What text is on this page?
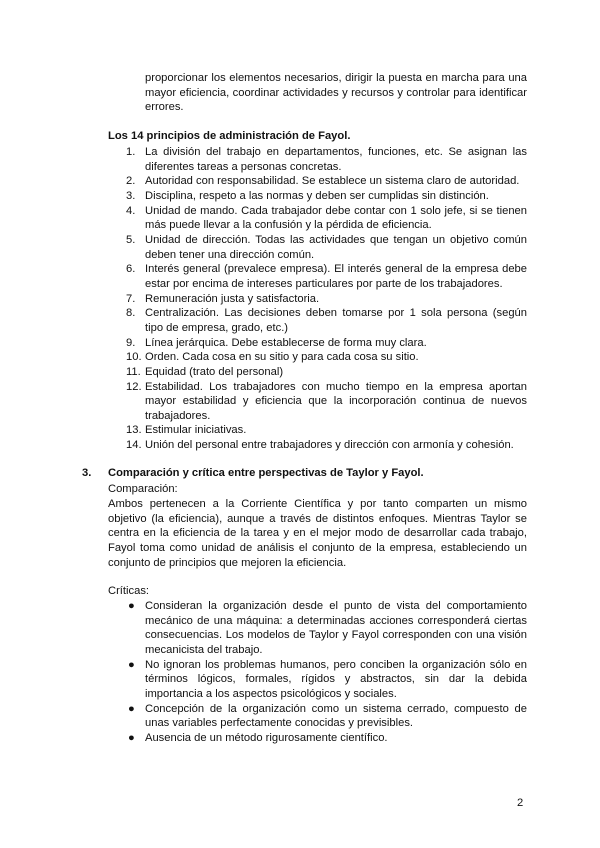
proporcionar los elementos necesarios, dirigir la puesta en marcha para una mayor eficiencia, coordinar actividades y recursos y controlar para identificar errores.

Los 14 principios de administración de Fayol.

1. La división del trabajo en departamentos, funciones, etc. Se asignan las diferentes tareas a personas concretas.
2. Autoridad con responsabilidad. Se establece un sistema claro de autoridad.
3. Disciplina, respeto a las normas y deben ser cumplidas sin distinción.
4. Unidad de mando. Cada trabajador debe contar con 1 solo jefe, si se tienen más puede llevar a la confusión y la pérdida de eficiencia.
5. Unidad de dirección. Todas las actividades que tengan un objetivo común deben tener una dirección común.
6. Interés general (prevalece empresa). El interés general de la empresa debe estar por encima de intereses particulares por parte de los trabajadores.
7. Remuneración justa y satisfactoria.
8. Centralización. Las decisiones deben tomarse por 1 sola persona (según tipo de empresa, grado, etc.)
9. Línea jerárquica. Debe establecerse de forma muy clara.
10. Orden. Cada cosa en su sitio y para cada cosa su sitio.
11. Equidad (trato del personal)
12. Estabilidad. Los trabajadores con mucho tiempo en la empresa aportan mayor estabilidad y eficiencia que la incorporación continua de nuevos trabajadores.
13. Estimular iniciativas.
14. Unión del personal entre trabajadores y dirección con armonía y cohesión.

3. Comparación y crítica entre perspectivas de Taylor y Fayol.

Comparación:

Ambos pertenecen a la Corriente Científica y por tanto comparten un mismo objetivo (la eficiencia), aunque a través de distintos enfoques. Mientras Taylor se centra en la eficiencia de la tarea y en el mejor modo de desarrollar cada trabajo, Fayol toma como unidad de análisis el conjunto de la empresa, estableciendo un conjunto de principios que mejoren la eficiencia.

Críticas:

● Consideran la organización desde el punto de vista del comportamiento mecánico de una máquina: a determinadas acciones corresponderá ciertas consecuencias. Los modelos de Taylor y Fayol corresponden con una visión mecanicista del trabajo.
● No ignoran los problemas humanos, pero conciben la organización sólo en términos lógicos, formales, rígidos y abstractos, sin dar la debida importancia a los aspectos psicológicos y sociales.
● Concepción de la organización como un sistema cerrado, compuesto de unas variables perfectamente conocidas y previsibles.
● Ausencia de un método rigurosamente científico.

2
